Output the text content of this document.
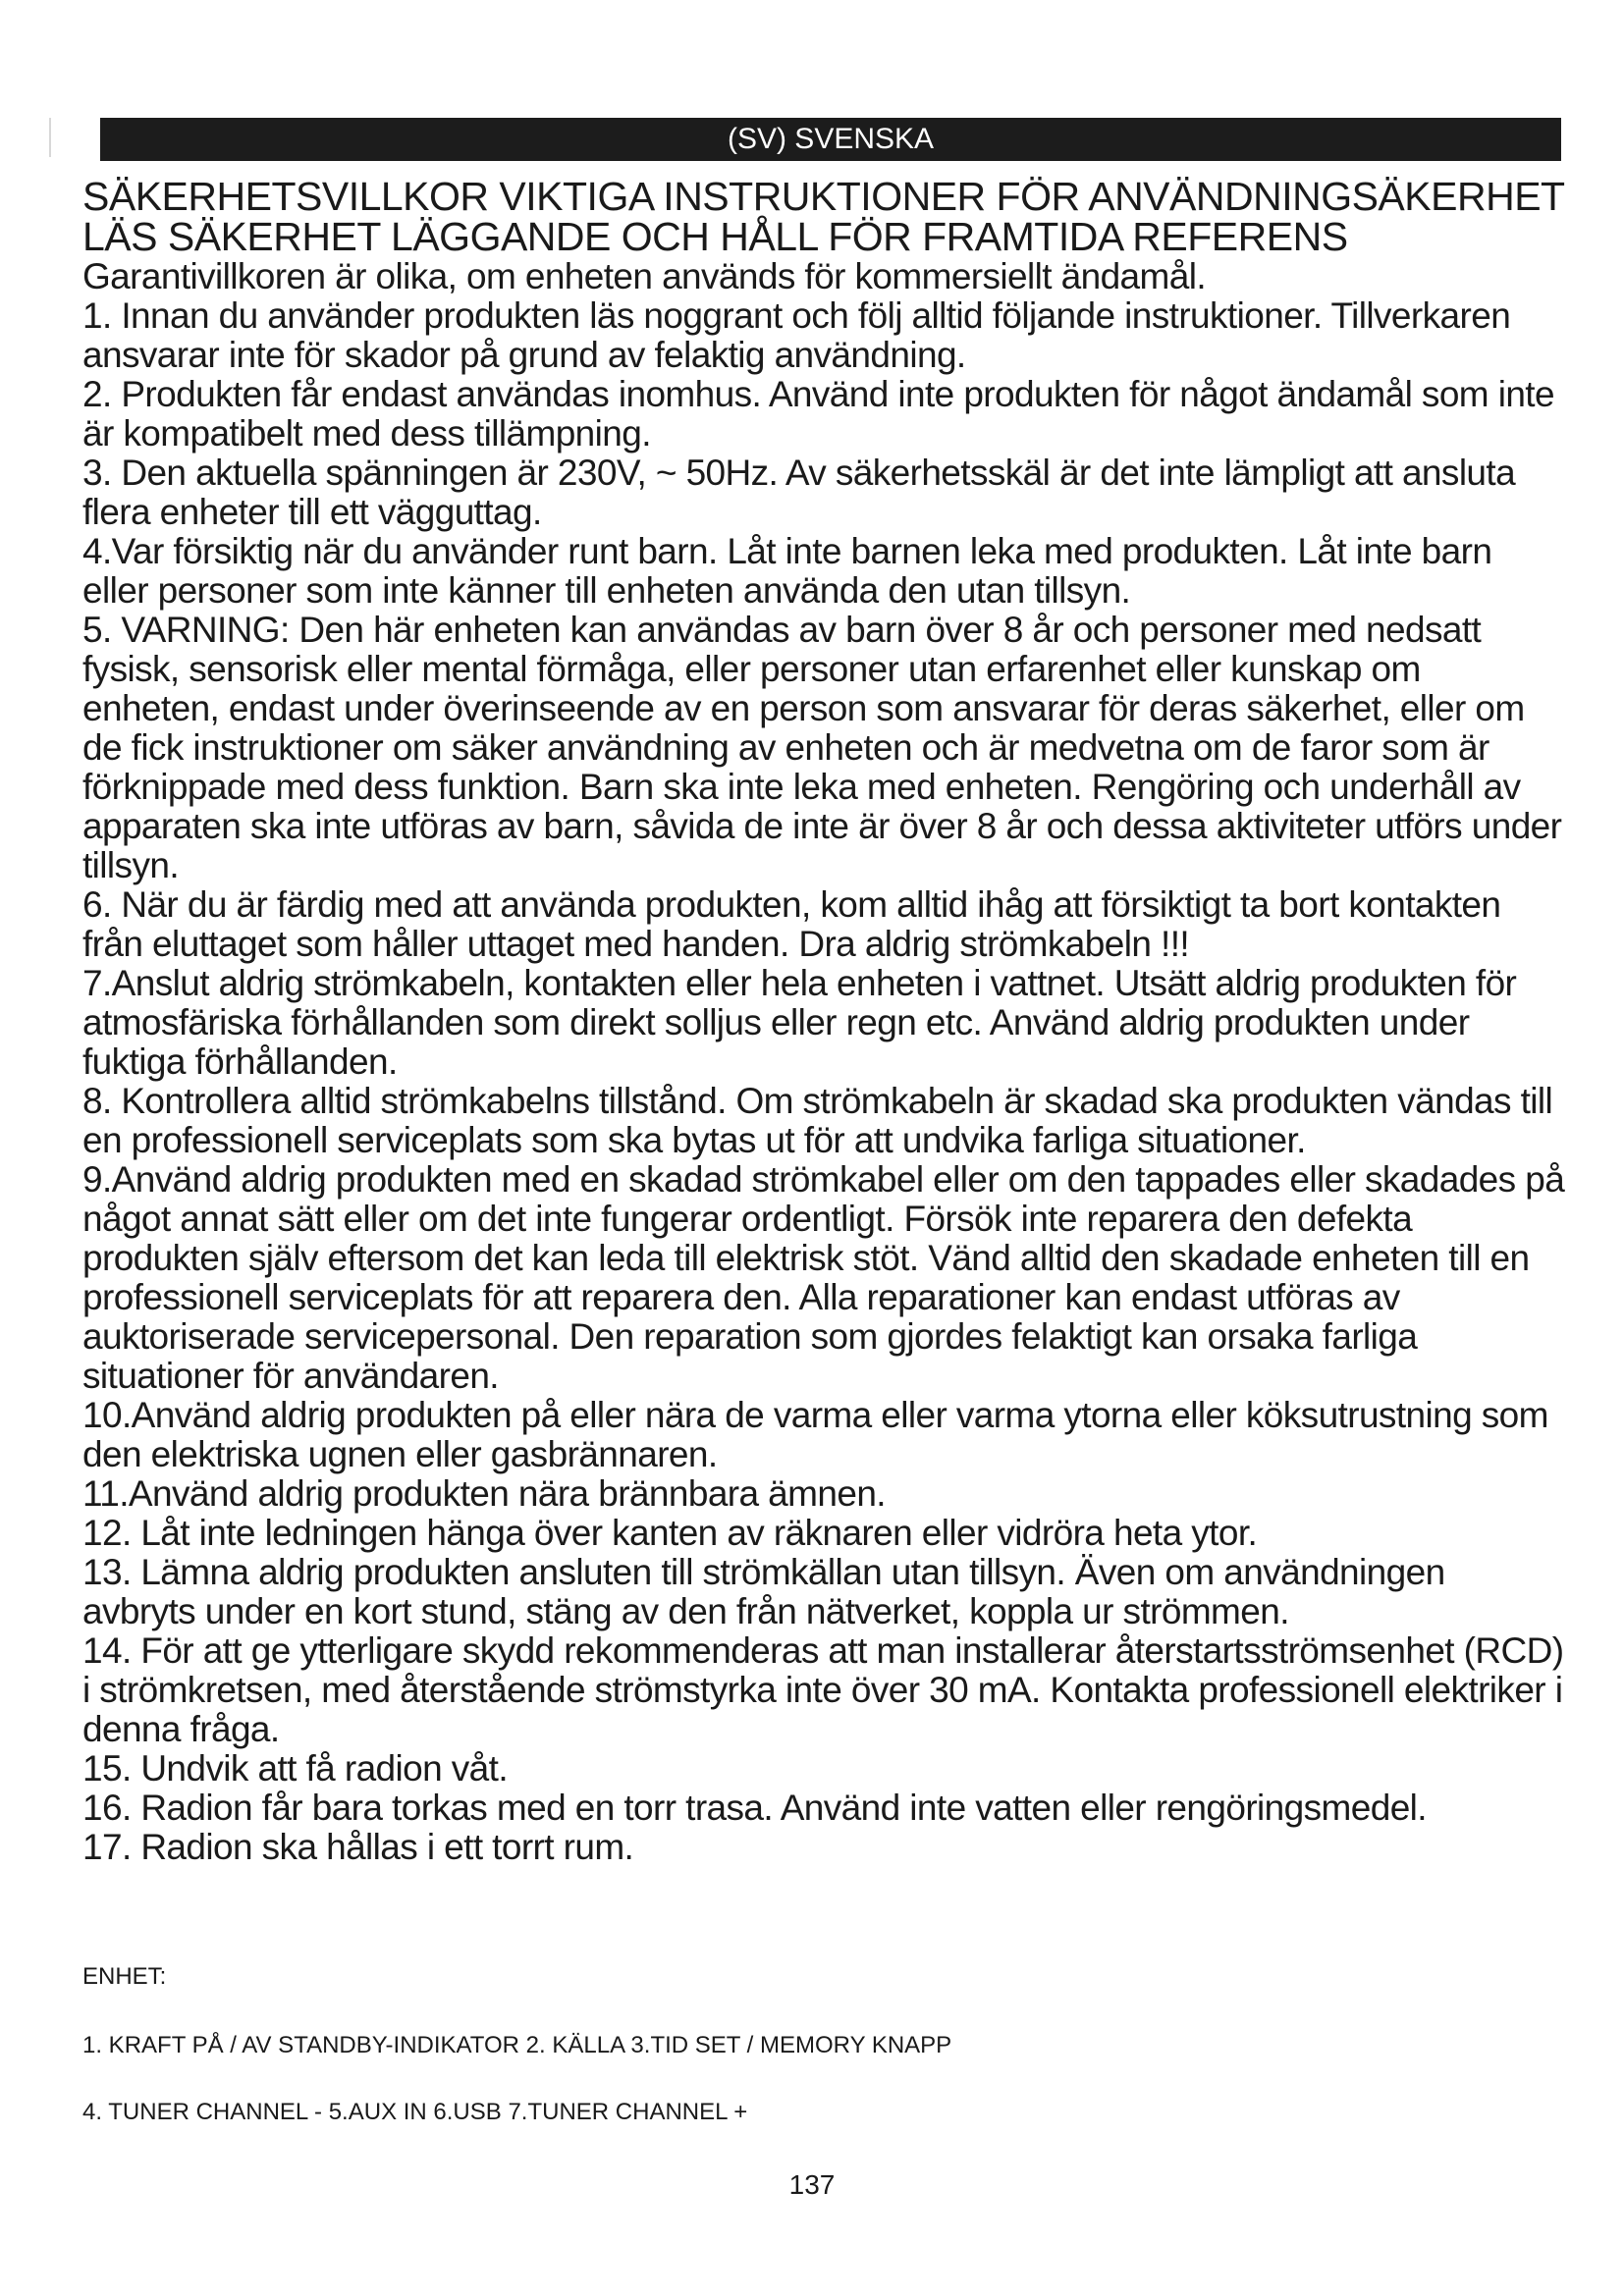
(SV) SVENSKA
SÄKERHETSVILLKOR VIKTIGA INSTRUKTIONER FÖR ANVÄNDNINGSÄKERHET LÄS SÄKERHET LÄGGANDE OCH HÅLL FÖR FRAMTIDA REFERENS

Garantivillkoren är olika, om enheten används för kommersiellt ändamål.

1. Innan du använder produkten läs noggrant och följ alltid följande instruktioner. Tillverkaren ansvarar inte för skador på grund av felaktig användning.

2. Produkten får endast användas inomhus. Använd inte produkten för något ändamål som inte är kompatibelt med dess tillämpning.

3. Den aktuella spänningen är 230V, ~ 50Hz. Av säkerhetsskäl är det inte lämpligt att ansluta flera enheter till ett vägguttag.

4.Var försiktig när du använder runt barn. Låt inte barnen leka med produkten. Låt inte barn eller personer som inte känner till enheten använda den utan tillsyn.

5. VARNING: Den här enheten kan användas av barn över 8 år och personer med nedsatt fysisk, sensorisk eller mental förmåga, eller personer utan erfarenhet eller kunskap om enheten, endast under överinseende av en person som ansvarar för deras säkerhet, eller om de fick instruktioner om säker användning av enheten och är medvetna om de faror som är förknippade med dess funktion. Barn ska inte leka med enheten. Rengöring och underhåll av apparaten ska inte utföras av barn, såvida de inte är över 8 år och dessa aktiviteter utförs under tillsyn.

6. När du är färdig med att använda produkten, kom alltid ihåg att försiktigt ta bort kontakten från eluttaget som håller uttaget med handen. Dra aldrig strömkabeln !!!

7.Anslut aldrig strömkabeln, kontakten eller hela enheten i vattnet. Utsätt aldrig produkten för atmosfäriska förhållanden som direkt solljus eller regn etc. Använd aldrig produkten under fuktiga förhållanden.

8. Kontrollera alltid strömkabelns tillstånd. Om strömkabeln är skadad ska produkten vändas till en professionell serviceplats som ska bytas ut för att undvika farliga situationer.

9.Använd aldrig produkten med en skadad strömkabel eller om den tappades eller skadades på något annat sätt eller om det inte fungerar ordentligt. Försök inte reparera den defekta produkten själv eftersom det kan leda till elektrisk stöt. Vänd alltid den skadade enheten till en professionell serviceplats för att reparera den. Alla reparationer kan endast utföras av auktoriserade servicepersonal. Den reparation som gjordes felaktigt kan orsaka farliga situationer för användaren.

10.Använd aldrig produkten på eller nära de varma eller varma ytorna eller köksutrustning som den elektriska ugnen eller gasbrännaren.

11.Använd aldrig produkten nära brännbara ämnen.

12. Låt inte ledningen hänga över kanten av räknaren eller vidröra heta ytor.

13. Lämna aldrig produkten ansluten till strömkällan utan tillsyn. Även om användningen avbryts under en kort stund, stäng av den från nätverket, koppla ur strömmen.

14. För att ge ytterligare skydd rekommenderas att man installerar återstartsströmsenhet (RCD) i strömkretsen, med återstående strömstyrka inte över 30 mA. Kontakta professionell elektriker i denna fråga.

15. Undvik att få radion våt.

16. Radion får bara torkas med en torr trasa. Använd inte vatten eller rengöringsmedel.

17. Radion ska hållas i ett torrt rum.

ENHET:
1. KRAFT PÅ / AV STANDBY-INDIKATOR 2. KÄLLA 3.TID SET / MEMORY KNAPP
4. TUNER CHANNEL - 5.AUX IN 6.USB 7.TUNER CHANNEL +
137
